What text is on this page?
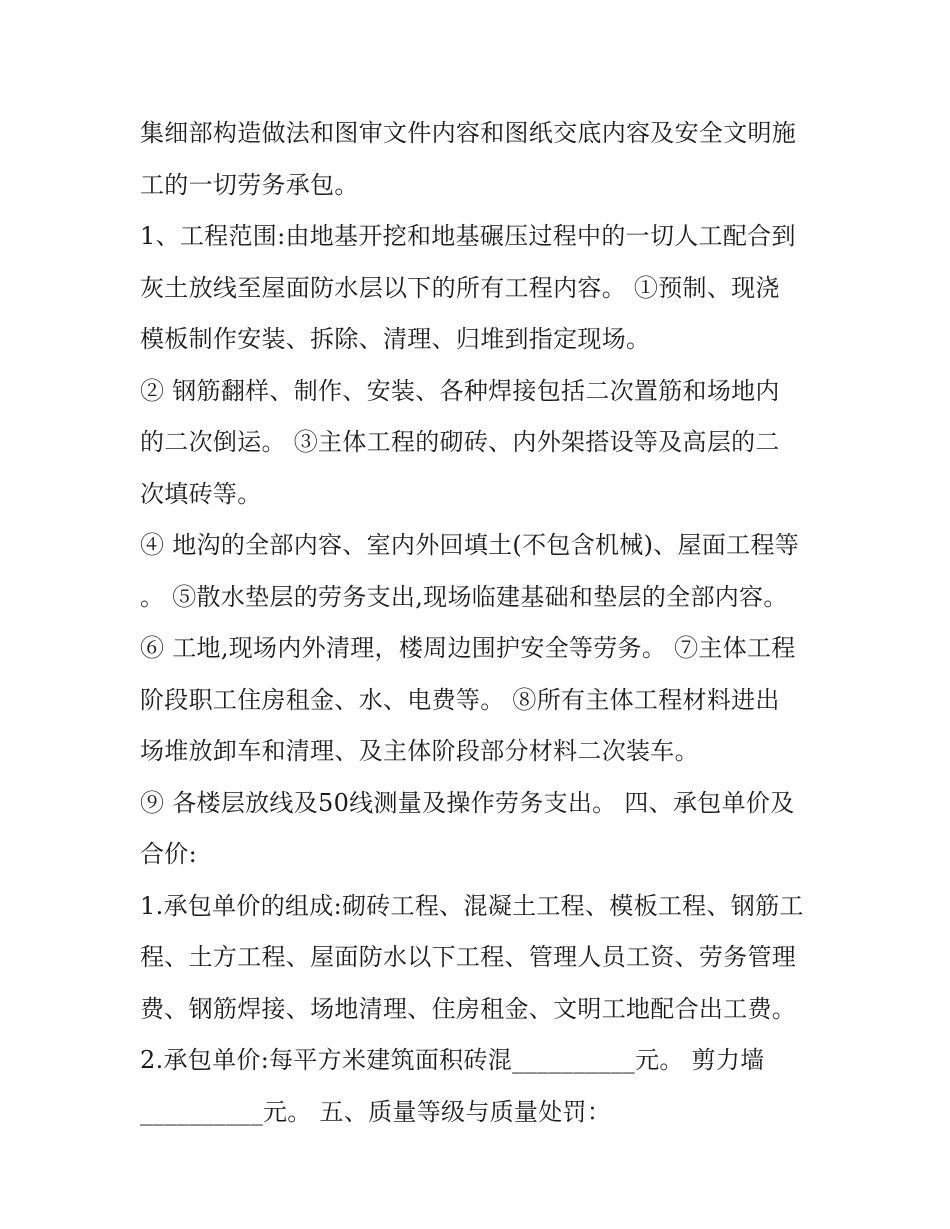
集细部构造做法和图审文件内容和图纸交底内容及安全文明施
工的一切劳务承包。
1、工程范围:由地基开挖和地基碾压过程中的一切人工配合到
灰土放线至屋面防水层以下的所有工程内容。 ①预制、现浇
模板制作安装、拆除、清理、归堆到指定现场。
② 钢筋翻样、制作、安装、各种焊接包括二次置筋和场地内
的二次倒运。 ③主体工程的砌砖、内外架搭设等及高层的二
次填砖等。
④ 地沟的全部内容、室内外回填土(不包含机械)、屋面工程等
。 ⑤散水垫层的劳务支出,现场临建基础和垫层的全部内容。
⑥ 工地,现场内外清理，楼周边围护安全等劳务。 ⑦主体工程
阶段职工住房租金、水、电费等。 ⑧所有主体工程材料进出
场堆放卸车和清理、及主体阶段部分材料二次装车。
⑨ 各楼层放线及50线测量及操作劳务支出。 四、承包单价及
合价:
1.承包单价的组成:砌砖工程、混凝土工程、模板工程、钢筋工
程、土方工程、屋面防水以下工程、管理人员工资、劳务管理
费、钢筋焊接、场地清理、住房租金、文明工地配合出工费。
2.承包单价:每平方米建筑面积砖混__________元。 剪力墙
__________元。 五、质量等级与质量处罚：
